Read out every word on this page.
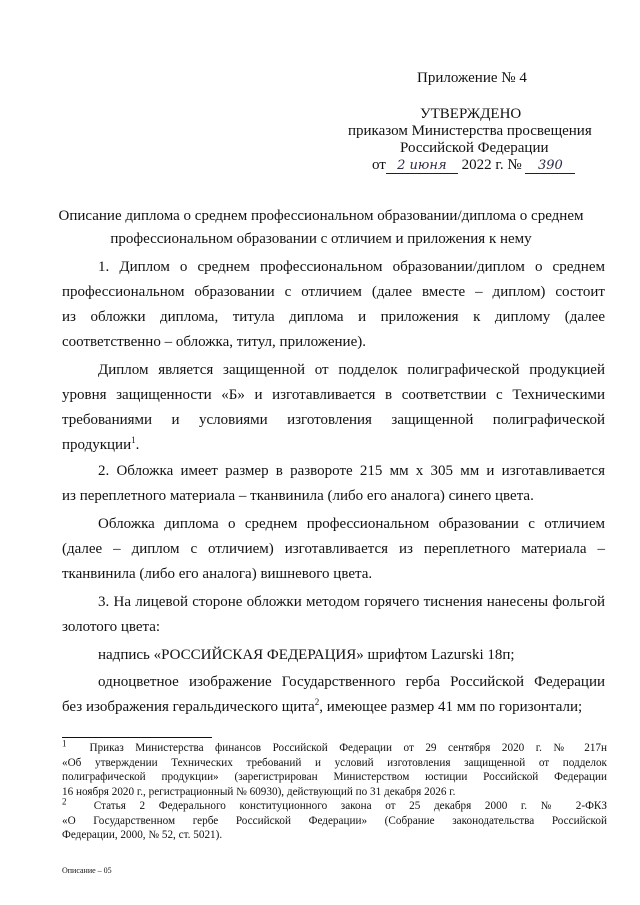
Приложение № 4
УТВЕРЖДЕНО
приказом Министерства просвещения
Российской Федерации
от 2 июня 2022 г. № 390
Описание диплома о среднем профессиональном образовании/диплома о среднем
профессиональном образовании с отличием и приложения к нему
1. Диплом о среднем профессиональном образовании/диплом о среднем
профессиональном образовании с отличием (далее вместе – диплом) состоит
из обложки диплома, титула диплома и приложения к диплому (далее
соответственно – обложка, титул, приложение).
Диплом является защищенной от подделок полиграфической продукцией
уровня защищенности «Б» и изготавливается в соответствии с Техническими
требованиями и условиями изготовления защищенной полиграфической
продукции$^1$.
2. Обложка имеет размер в развороте 215 мм х 305 мм и изготавливается
из переплетного материала – тканвинила (либо его аналога) синего цвета.
Обложка диплома о среднем профессиональном образовании с отличием
(далее – диплом с отличием) изготавливается из переплетного материала –
тканвинила (либо его аналога) вишневого цвета.
3. На лицевой стороне обложки методом горячего тиснения нанесены фольгой
золотого цвета:
надпись «РОССИЙСКАЯ ФЕДЕРАЦИЯ» шрифтом Lazurski 18п;
одноцветное изображение Государственного герба Российской Федерации
без изображения геральдического щита$^2$, имеющее размер 41 мм по горизонтали;
$^1$ Приказ Министерства финансов Российской Федерации от 29 сентября 2020 г. № 217н
«Об утверждении Технических требований и условий изготовления защищенной от подделок
полиграфической продукции» (зарегистрирован Министерством юстиции Российской Федерации
16 ноября 2020 г., регистрационный № 60930), действующий по 31 декабря 2026 г.
$^2$ Статья 2 Федерального конституционного закона от 25 декабря 2000 г. № 2-ФКЗ
«О Государственном гербе Российской Федерации» (Собрание законодательства Российской
Федерации, 2000, № 52, ст. 5021).
Описание – 05
